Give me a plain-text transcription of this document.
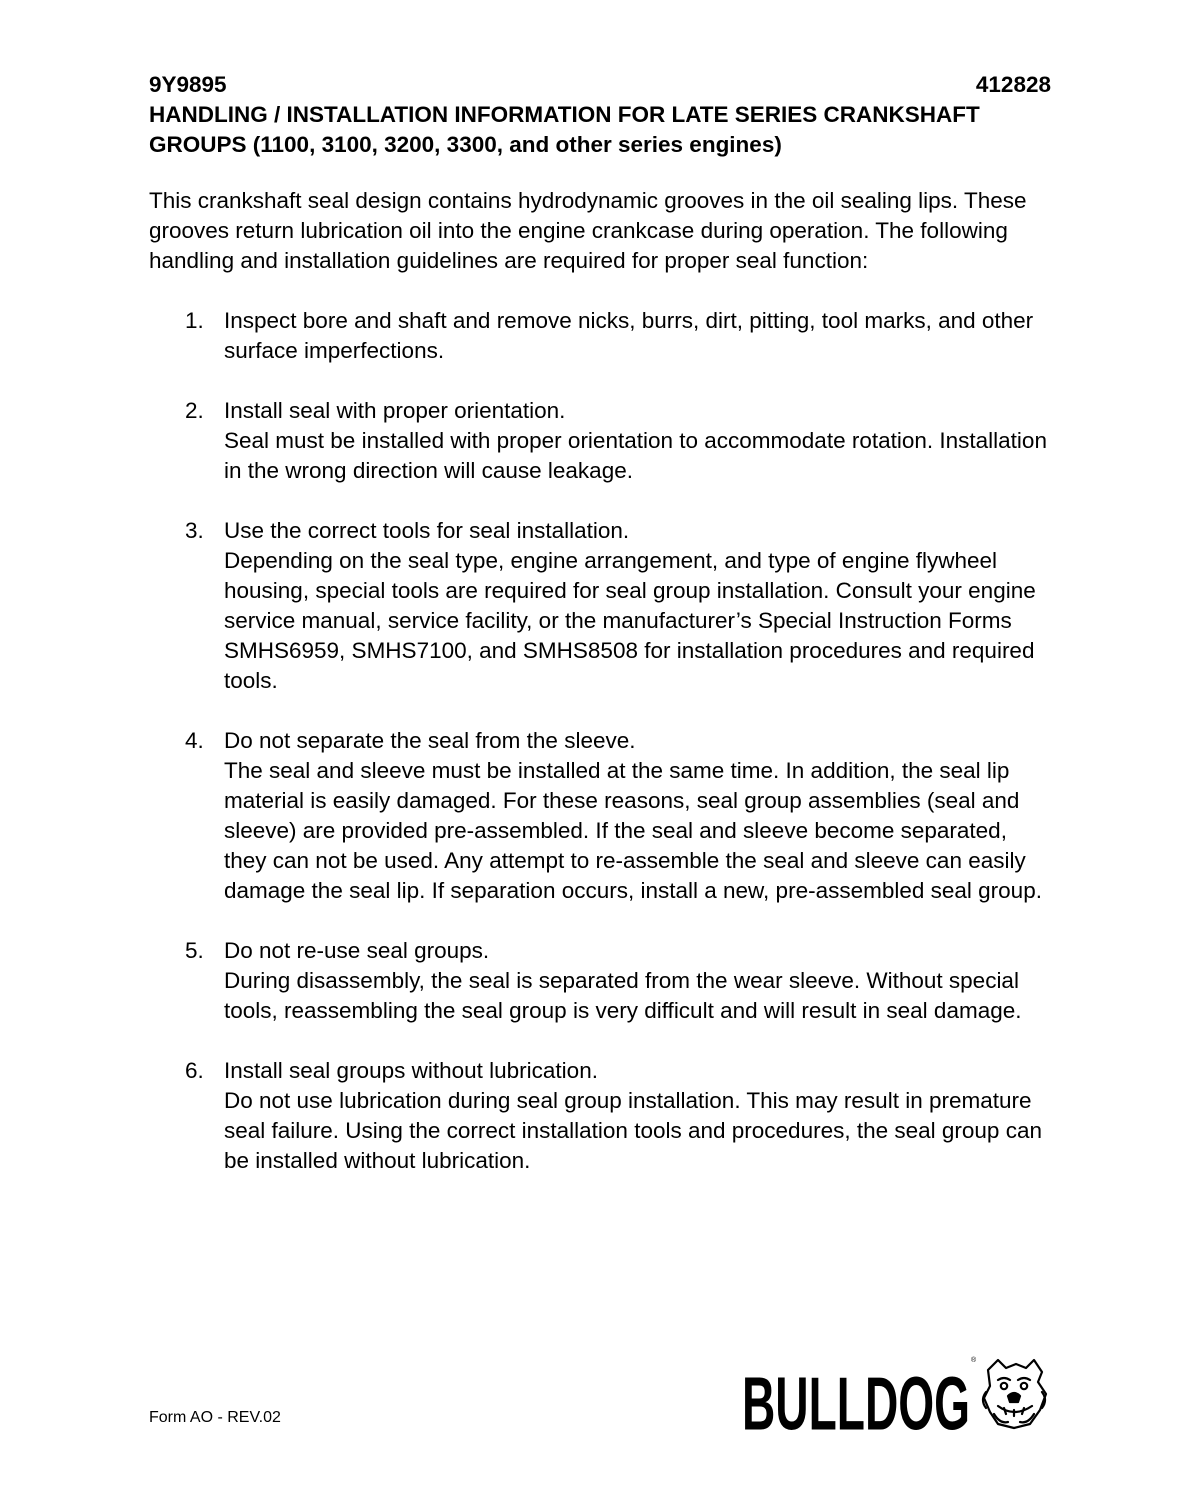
9Y9895	412828
HANDLING / INSTALLATION INFORMATION FOR LATE SERIES CRANKSHAFT GROUPS (1100, 3100, 3200, 3300, and other series engines)

This crankshaft seal design contains hydrodynamic grooves in the oil sealing lips. These grooves return lubrication oil into the engine crankcase during operation. The following handling and installation guidelines are required for proper seal function:

1. Inspect bore and shaft and remove nicks, burrs, dirt, pitting, tool marks, and other surface imperfections.
2. Install seal with proper orientation.
Seal must be installed with proper orientation to accommodate rotation. Installation in the wrong direction will cause leakage.
3. Use the correct tools for seal installation.
Depending on the seal type, engine arrangement, and type of engine flywheel housing, special tools are required for seal group installation. Consult your engine service manual, service facility, or the manufacturer’s Special Instruction Forms SMHS6959, SMHS7100, and SMHS8508 for installation procedures and required tools.
4. Do not separate the seal from the sleeve.
The seal and sleeve must be installed at the same time. In addition, the seal lip material is easily damaged. For these reasons, seal group assemblies (seal and sleeve) are provided pre-assembled. If the seal and sleeve become separated, they can not be used. Any attempt to re-assemble the seal and sleeve can easily damage the seal lip. If separation occurs, install a new, pre-assembled seal group.
5. Do not re-use seal groups.
During disassembly, the seal is separated from the wear sleeve. Without special tools, reassembling the seal group is very difficult and will result in seal damage.
6. Install seal groups without lubrication.
Do not use lubrication during seal group installation. This may result in premature seal failure. Using the correct installation tools and procedures, the seal group can be installed without lubrication.
Form AO - REV.02	BULLDOG
®
